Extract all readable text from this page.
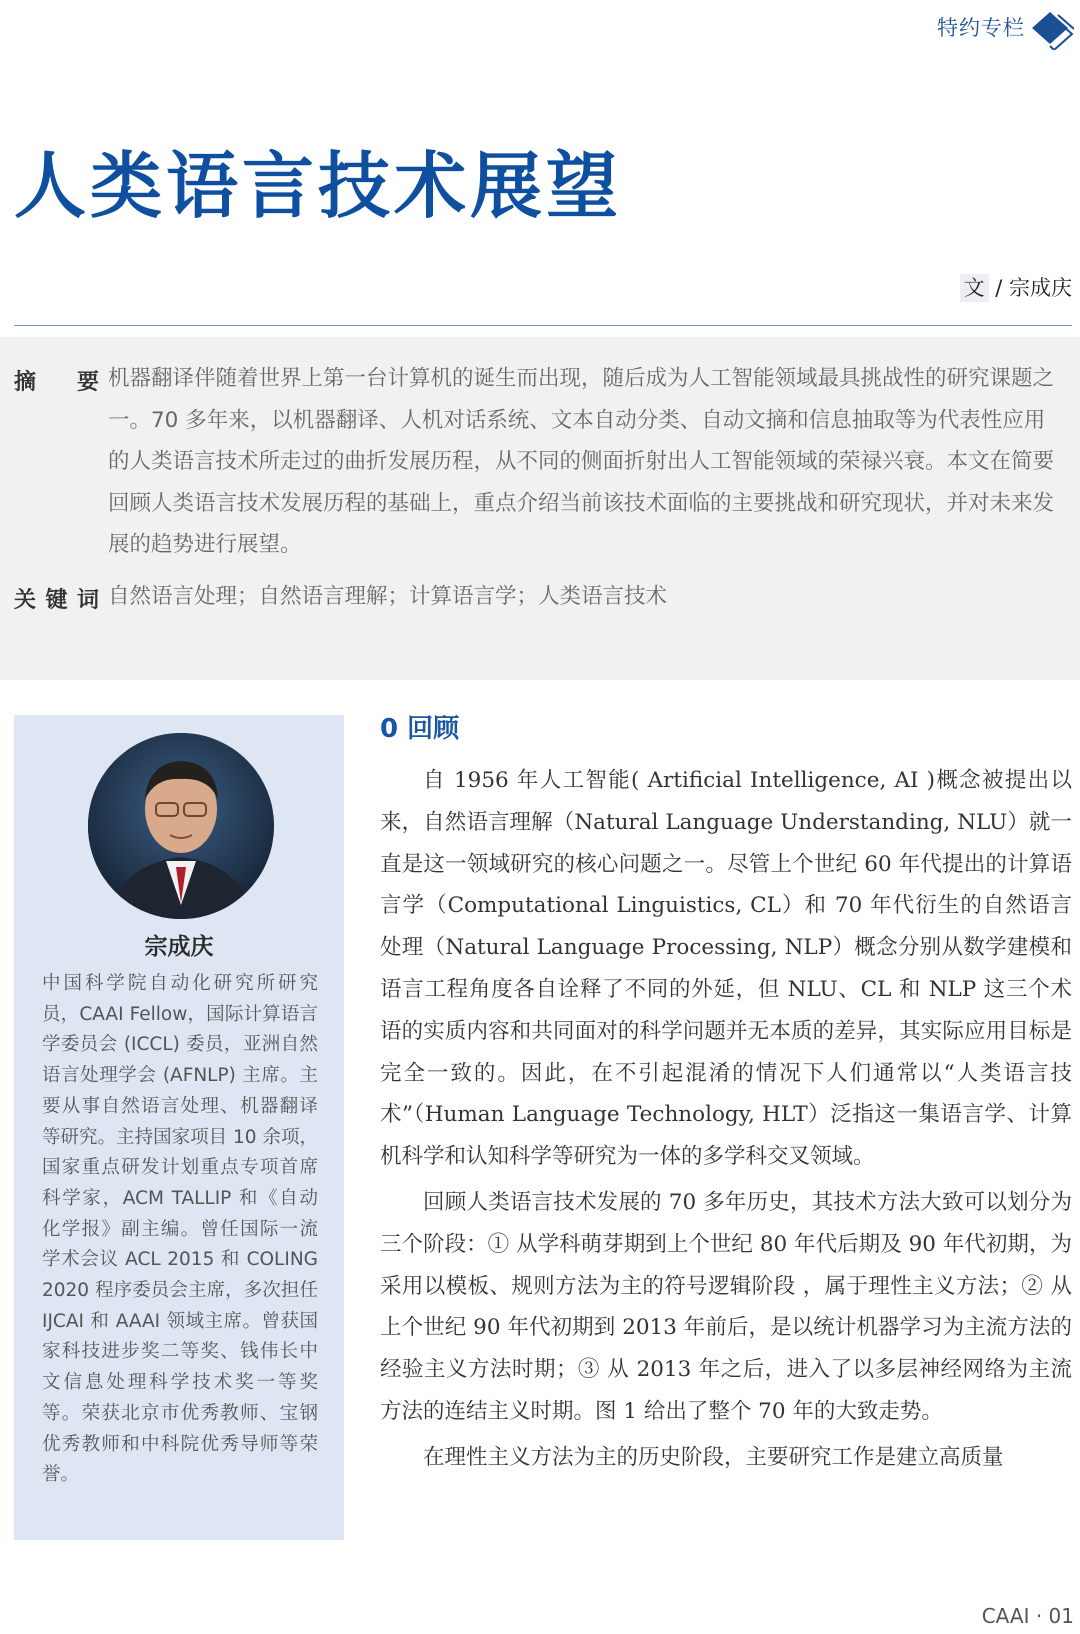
特约专栏
人类语言技术展望
文 / 宗成庆
摘要 机器翻译伴随着世界上第一台计算机的诞生而出现，随后成为人工智能领域最具挑战性的研究课题之一。70 多年来，以机器翻译、人机对话系统、文本自动分类、自动文摘和信息抽取等为代表性应用的人类语言技术所走过的曲折发展历程，从不同的侧面折射出人工智能领域的荣禄兴衰。本文在简要回顾人类语言技术发展历程的基础上，重点介绍当前该技术面临的主要挑战和研究现状，并对未来发展的趋势进行展望。
关键词 自然语言处理；自然语言理解；计算语言学；人类语言技术
宗成庆
中国科学院自动化研究所研究员，CAAI Fellow，国际计算语言学委员会 (ICCL) 委员，亚洲自然语言处理学会 (AFNLP) 主席。主要从事自然语言处理、机器翻译等研究。主持国家项目 10 余项，国家重点研发计划重点专项首席科学家，ACM TALLIP 和《自动化学报》副主编。曾任国际一流 学术会议 ACL 2015 和 COLING 2020 程序委员会主席，多次担任 IJCAI 和 AAAI 领域主席。曾获国家科技进步奖二等奖、钱伟长中文信息处理科学技术奖一等奖等。荣获北京市优秀教师、宝钢优秀教师和中科院优秀导师等荣誉。
0 回顾

自 1956 年人工智能( Artificial Intelligence, AI )概念被提出以来，自然语言理解（Natural Language Understanding, NLU）就一直是这一领域研究的核心问题之一。尽管上个世纪 60 年代提出的计算语言学（Computational Linguistics, CL）和 70 年代衍生的自然语言处理（Natural Language Processing, NLP）概念分别从数学建模和语言工程角度各自诠释了不同的外延，但 NLU、CL 和 NLP 这三个术语的实质内容和共同面对的科学问题并无本质的差异，其实际应用目标是完全一致的。因此，在不引起混淆的情况下人们通常以“人类语言技术”（Human Language Technology, HLT）泛指这一集语言学、计算机科学和认知科学等研究为一体的多学科交叉领域。

回顾人类语言技术发展的 70 多年历史，其技术方法大致可以划分为三个阶段：① 从学科萌芽期到上个世纪 80 年代后期及 90 年代初期，为采用以模板、规则方法为主的符号逻辑阶段 ，属于理性主义方法；② 从上个世纪 90 年代初期到 2013 年前后，是以统计机器学习为主流方法的经验主义方法时期；③ 从 2013 年之后，进入了以多层神经网络为主流方法的连结主义时期。图 1 给出了整个 70 年的大致走势。

在理性主义方法为主的历史阶段，主要研究工作是建立高质量

CAAI · 01
